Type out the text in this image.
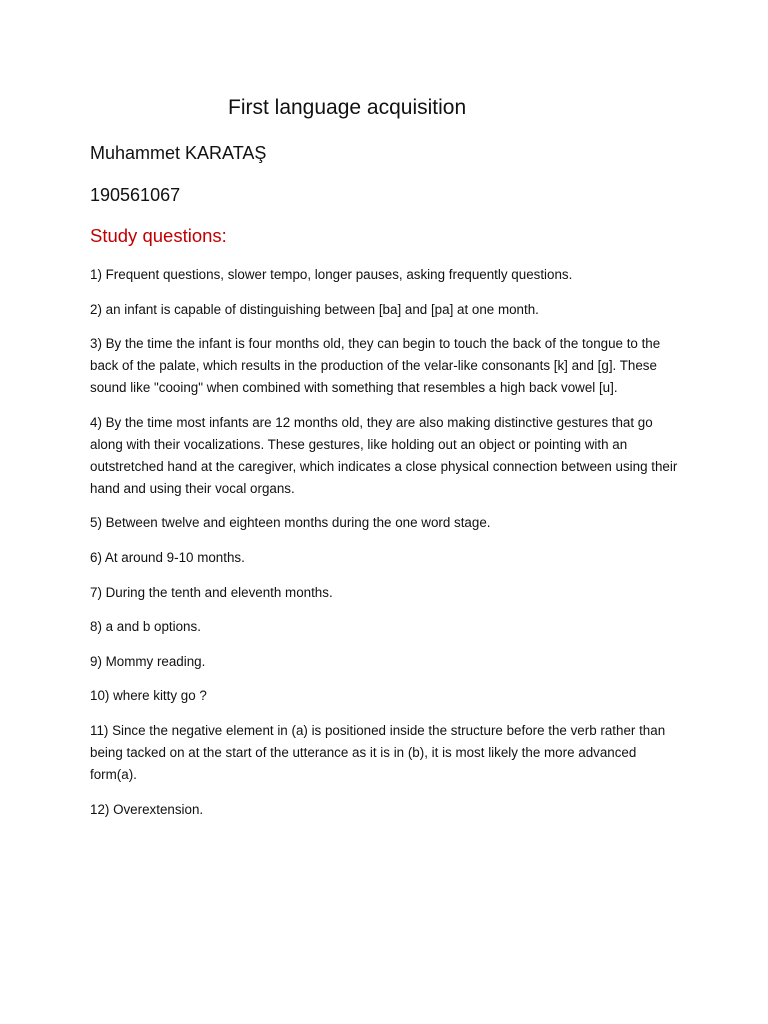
First language acquisition
Muhammet KARATAŞ
190561067
Study questions:
1) Frequent questions, slower tempo, longer pauses, asking frequently questions.
2) an infant is capable of distinguishing between [ba] and [pa] at one month.
3) By the time the infant is four months old, they can begin to touch the back of the tongue to the back of the palate, which results in the production of the velar-like consonants [k] and [g]. These sound like "cooing" when combined with something that resembles a high back vowel [u].
4) By the time most infants are 12 months old, they are also making distinctive gestures that go along with their vocalizations. These gestures, like holding out an object or pointing with an outstretched hand at the caregiver, which indicates a close physical connection between using their hand and using their vocal organs.
5) Between twelve and eighteen months during the one word stage.
6) At around 9-10 months.
7) During the tenth and eleventh months.
8) a and b options.
9) Mommy reading.
10) where kitty go ?
11) Since the negative element in (a) is positioned inside the structure before the verb rather than being tacked on at the start of the utterance as it is in (b), it is most likely the more advanced form(a).
12) Overextension.
